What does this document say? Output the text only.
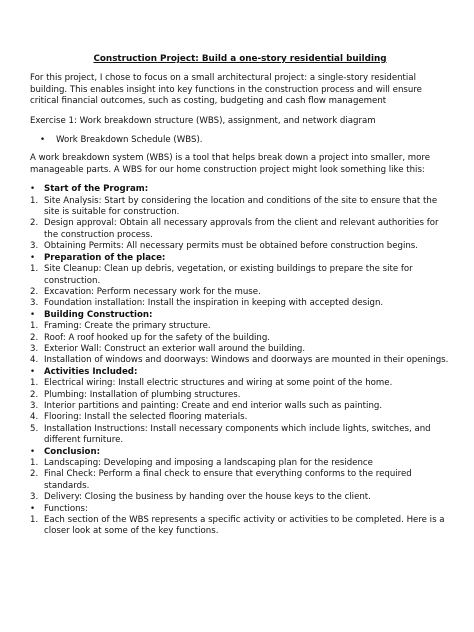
Construction Project: Build a one-story residential building

For this project, I chose to focus on a small architectural project: a single-story residential building. This enables insight into key functions in the construction process and will ensure critical financial outcomes, such as costing, budgeting and cash flow management

Exercise 1: Work breakdown structure (WBS), assignment, and network diagram

•	Work Breakdown Schedule (WBS).

A work breakdown system (WBS) is a tool that helps break down a project into smaller, more manageable parts. A WBS for our home construction project might look something like this:

•	Start of the Program:
1. Site Analysis: Start by considering the location and conditions of the site to ensure that the site is suitable for construction.
2. Design approval: Obtain all necessary approvals from the client and relevant authorities for the construction process.
3. Obtaining Permits: All necessary permits must be obtained before construction begins.
•	Preparation of the place:
1. Site Cleanup: Clean up debris, vegetation, or existing buildings to prepare the site for construction.
2. Excavation: Perform necessary work for the muse.
3. Foundation installation: Install the inspiration in keeping with accepted design.
•	Building Construction:
1. Framing: Create the primary structure.
2. Roof: A roof hooked up for the safety of the building.
3. Exterior Wall: Construct an exterior wall around the building.
4. Installation of windows and doorways: Windows and doorways are mounted in their openings.
•	Activities Included:
1. Electrical wiring: Install electric structures and wiring at some point of the home.
2. Plumbing: Installation of plumbing structures.
3. Interior partitions and painting: Create and end interior walls such as painting.
4. Flooring: Install the selected flooring materials.
5. Installation Instructions: Install necessary components which include lights, switches, and different furniture.
•	Conclusion:
1. Landscaping: Developing and imposing a landscaping plan for the residence
2. Final Check: Perform a final check to ensure that everything conforms to the required standards.
3. Delivery: Closing the business by handing over the house keys to the client.
•	Functions:
1. Each section of the WBS represents a specific activity or activities to be completed. Here is a closer look at some of the key functions.
